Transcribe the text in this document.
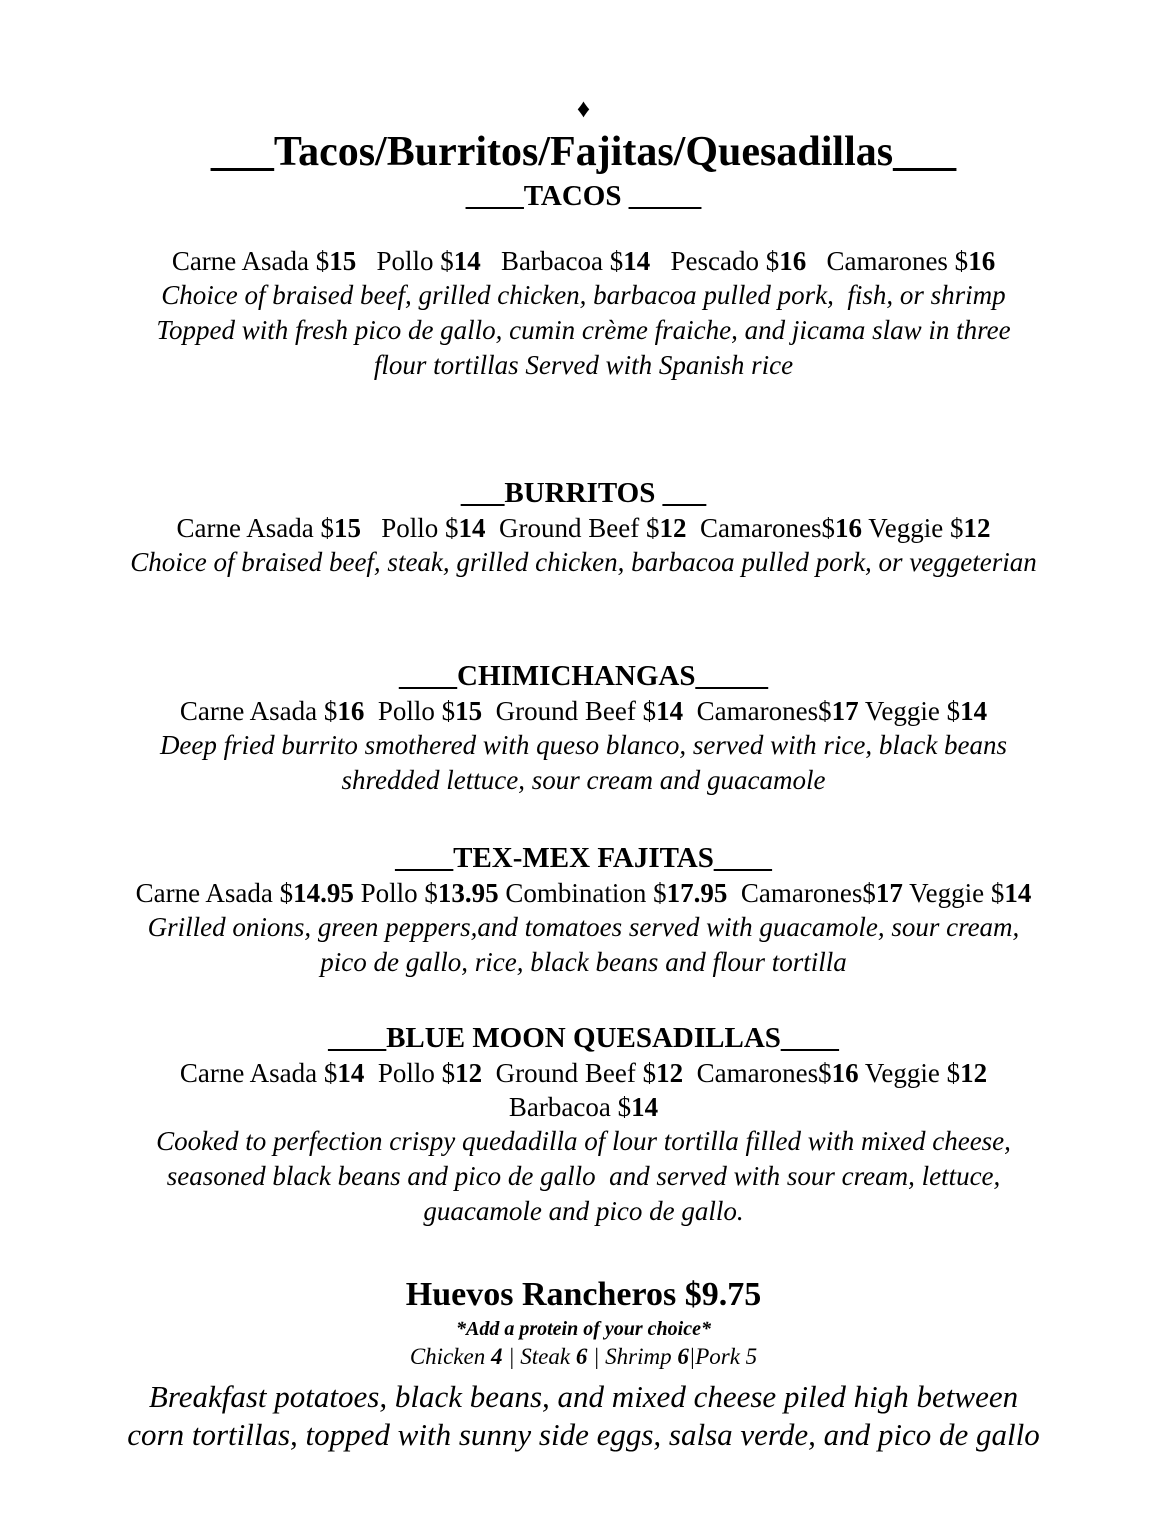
♦
___Tacos/Burritos/Fajitas/Quesadillas___
____TACOS _____
Carne Asada $15   Pollo $14   Barbacoa $14   Pescado $16   Camarones $16
Choice of braised beef, grilled chicken, barbacoa pulled pork,  fish, or shrimp
Topped with fresh pico de gallo, cumin crème fraiche, and jicama slaw in three
flour tortillas Served with Spanish rice
___BURRITOS ___
Carne Asada $15   Pollo $14  Ground Beef $12  Camarones$16 Veggie $12
Choice of braised beef, steak, grilled chicken, barbacoa pulled pork, or veggeterian
____CHIMICHANGAS_____
Carne Asada $16  Pollo $15  Ground Beef $14  Camarones$17 Veggie $14
Deep fried burrito smothered with queso blanco, served with rice, black beans
shredded lettuce, sour cream and guacamole
____TEX-MEX FAJITAS____
Carne Asada $14.95 Pollo $13.95 Combination $17.95  Camarones$17 Veggie $14
Grilled onions, green peppers,and tomatoes served with guacamole, sour cream,
pico de gallo, rice, black beans and flour tortilla
____BLUE MOON QUESADILLAS____
Carne Asada $14  Pollo $12  Ground Beef $12  Camarones$16 Veggie $12
Barbacoa $14
Cooked to perfection crispy quedadilla of lour tortilla filled with mixed cheese,
seasoned black beans and pico de gallo  and served with sour cream, lettuce,
guacamole and pico de gallo.
Huevos Rancheros $9.75
*Add a protein of your choice*
Chicken 4 | Steak 6 | Shrimp 6|Pork 5
Breakfast potatoes, black beans, and mixed cheese piled high between
corn tortillas, topped with sunny side eggs, salsa verde, and pico de gallo
